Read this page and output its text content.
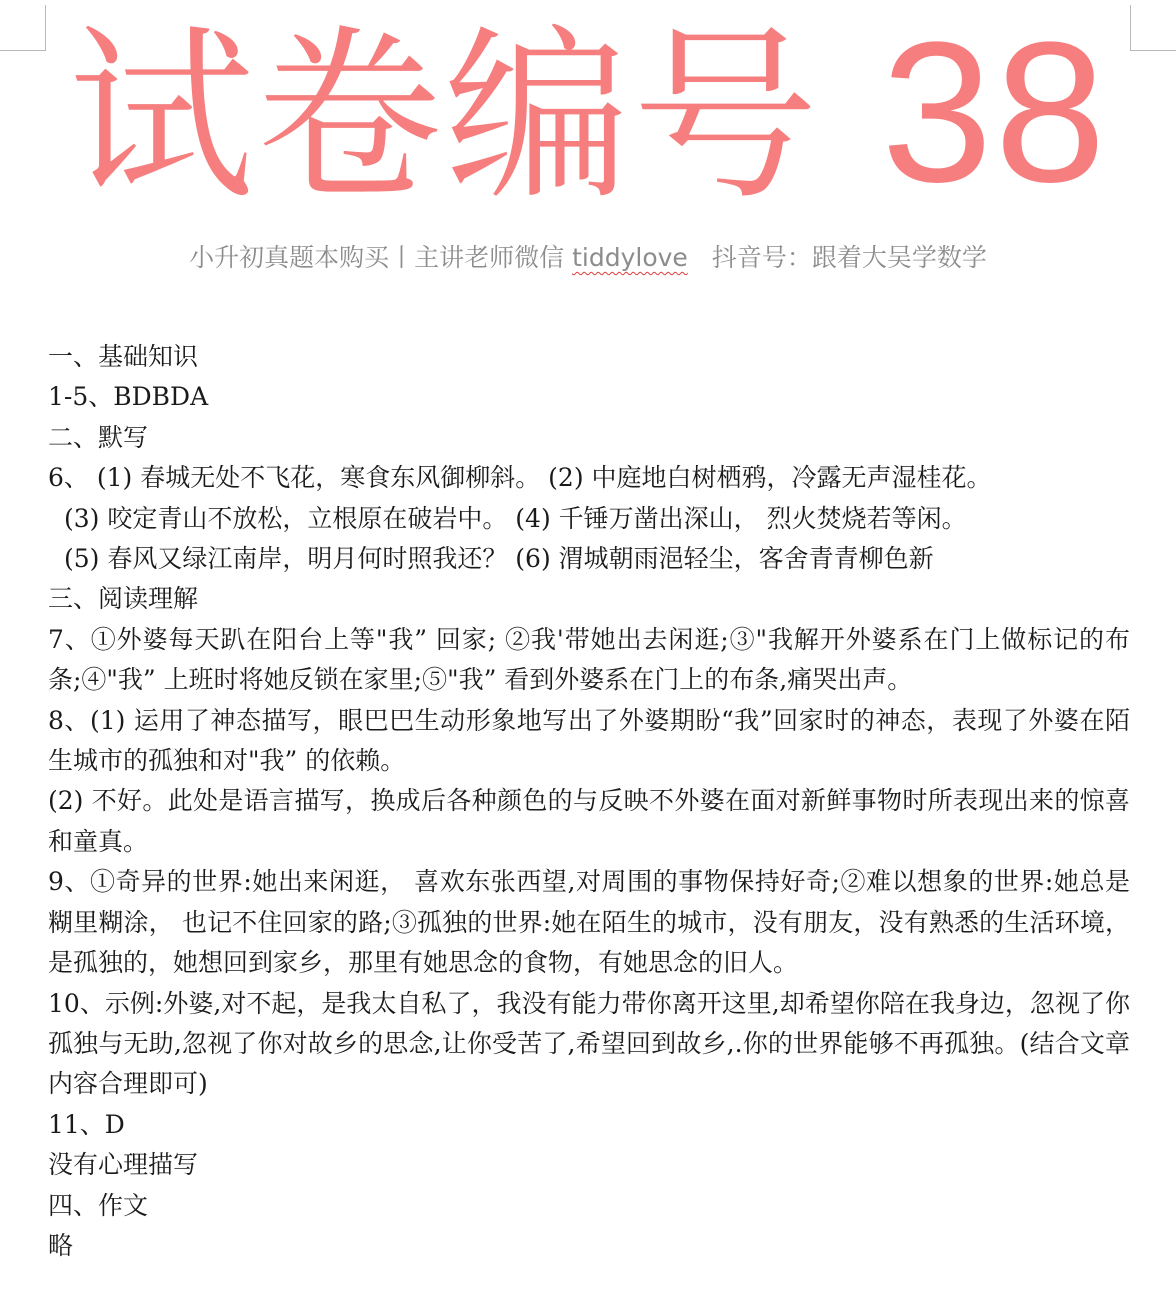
试卷编号 38
小升初真题本购买丨主讲老师微信 tiddylove 抖音号：跟着大吴学数学

一、基础知识

1-5、BDBDA

二、默写

6、 (1) 春城无处不飞花，寒食东风御柳斜。 (2) 中庭地白树栖鸦，冷露无声湿桂花。

(3) 咬定青山不放松，立根原在破岩中。 (4) 千锤万凿出深山， 烈火焚烧若等闲。

(5) 春风又绿江南岸，明月何时照我还？ (6) 渭城朝雨浥轻尘，客舍青青柳色新

三、阅读理解

7、①外婆每天趴在阳台上等"我” 回家; ②我'带她出去闲逛;③"我解开外婆系在门上做标记的布条;④"我” 上班时将她反锁在家里;⑤"我” 看到外婆系在门上的布条,痛哭出声。

8、(1) 运用了神态描写，眼巴巴生动形象地写出了外婆期盼“我”回家时的神态，表现了外婆在陌生城市的孤独和对"我” 的依赖。

(2) 不好。此处是语言描写，换成后各种颜色的与反映不外婆在面对新鲜事物时所表现出来的惊喜和童真。

9、①奇异的世界:她出来闲逛， 喜欢东张西望,对周围的事物保持好奇;②难以想象的世界:她总是糊里糊涂， 也记不住回家的路;③孤独的世界:她在陌生的城市，没有朋友，没有熟悉的生活环境，是孤独的，她想回到家乡，那里有她思念的食物，有她思念的旧人。

10、示例:外婆,对不起，是我太自私了，我没有能力带你离开这里,却希望你陪在我身边，忽视了你孤独与无助,忽视了你对故乡的思念,让你受苦了,希望回到故乡,.你的世界能够不再孤独。(结合文章内容合理即可)

11、D

没有心理描写

四、作文

略
